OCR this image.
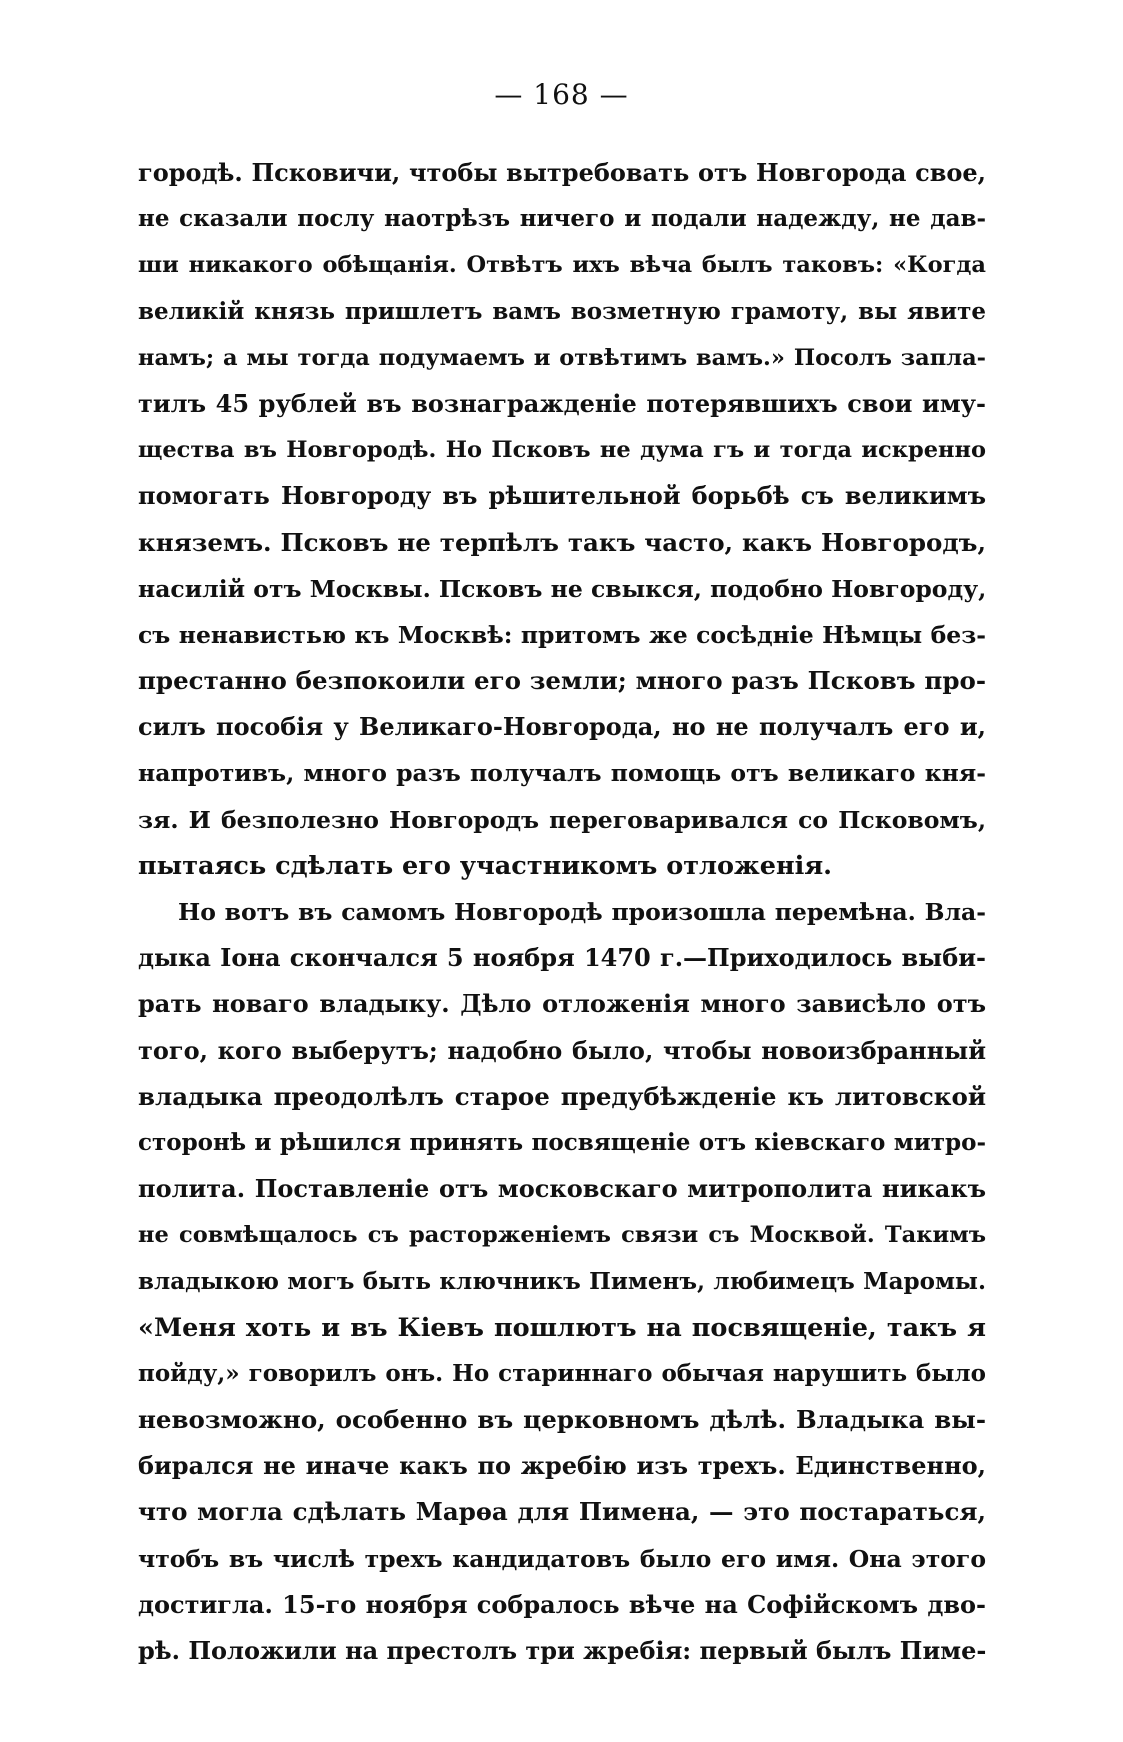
— 168 —
городѣ. Псковичи, чтобы вытребовать отъ Новгорода свое,
не сказали послу наотрѣзъ ничего и подали надежду, не дав-
ши никакого обѣщанія. Отвѣтъ ихъ вѣча былъ таковъ: «Когда
великій князь пришлетъ вамъ возметную грамоту, вы явите
намъ; а мы тогда подумаемъ и отвѣтимъ вамъ.» Посолъ запла-
тилъ 45 рублей въ вознагражденіе потерявшихъ свои иму-
щества въ Новгородѣ. Но Псковъ не дума гъ и тогда искренно
помогать Новгороду въ рѣшительной борьбѣ съ великимъ
княземъ. Псковъ не терпѣлъ такъ часто, какъ Новгородъ,
насилій отъ Москвы. Псковъ не свыкся, подобно Новгороду,
съ ненавистью къ Москвѣ: притомъ же сосѣдніе Нѣмцы без-
престанно безпокоили его земли; много разъ Псковъ про-
силъ пособія у Великаго-Новгорода, но не получалъ его и,
напротивъ, много разъ получалъ помощь отъ великаго кня-
зя. И безполезно Новгородъ переговаривался со Псковомъ,
пытаясь сдѣлать его участникомъ отложенія.
Но вотъ въ самомъ Новгородѣ произошла перемѣна. Вла-
дыка Іона скончался 5 ноября 1470 г.—Приходилось выби-
рать новаго владыку. Дѣло отложенія много зависѣло отъ
того, кого выберутъ; надобно было, чтобы новоизбранный
владыка преодолѣлъ старое предубѣжденіе къ литовской
сторонѣ и рѣшился принять посвященіе отъ кіевскаго митро-
полита. Поставленіе отъ московскаго митрополита никакъ
не совмѣщалось съ расторженіемъ связи съ Москвой. Такимъ
владыкою могъ быть ключникъ Пименъ, любимецъ Маромы.
«Меня хоть и въ Кіевъ пошлютъ на посвященіе, такъ я
пойду,» говорилъ онъ. Но стариннаго обычая нарушить было
невозможно, особенно въ церковномъ дѣлѣ. Владыка вы-
бирался не иначе какъ по жребію изъ трехъ. Единственно,
что могла сдѣлать Марѳа для Пимена, — это постараться,
чтобъ въ числѣ трехъ кандидатовъ было его имя. Она этого
достигла. 15-го ноября собралось вѣче на Софійскомъ дво-
рѣ. Положили на престолъ три жребія: первый былъ Пиме-
